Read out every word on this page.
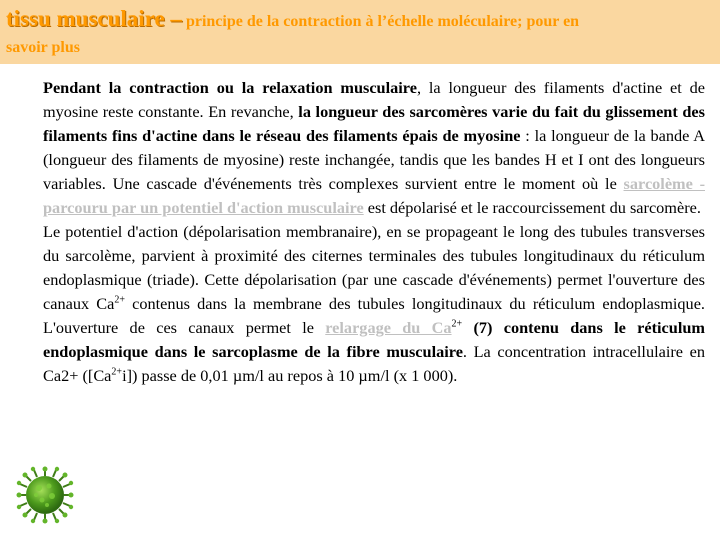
tissu musculaire – principe de la contraction à l’échelle moléculaire; pour en
savoir plus

Pendant la contraction ou la relaxation musculaire, la longueur des filaments d'actine et de myosine reste constante. En revanche, la longueur des sarcomères varie du fait du glissement des filaments fins d'actine dans le réseau des filaments épais de myosine : la longueur de la bande A (longueur des filaments de myosine) reste inchangée, tandis que les bandes H et I ont des longueurs variables. Une cascade d'événements très complexes survient entre le moment où le sarcolème - parcouru par un potentiel d'action musculaire est dépolarisé et le raccourcissement du sarcomère.

Le potentiel d'action (dépolarisation membranaire), en se propageant le long des tubules transverses du sarcolème, parvient à proximité des citernes terminales des tubules longitudinaux du réticulum endoplasmique (triade). Cette dépolarisation (par une cascade d'événements) permet l'ouverture des canaux $Ca^{2+}$ contenus dans la membrane des tubules longitudinaux du réticulum endoplasmique. L'ouverture de ces canaux permet le relargage du $Ca^{2+}$ (7) contenu dans le réticulum endoplasmique dans le sarcoplasme de la fibre musculaire. La concentration intracellulaire en $Ca2+ ([Ca^{2+}i])$ passe de 0,01 µm/l au repos à 10 µm/l (x 1 000).
